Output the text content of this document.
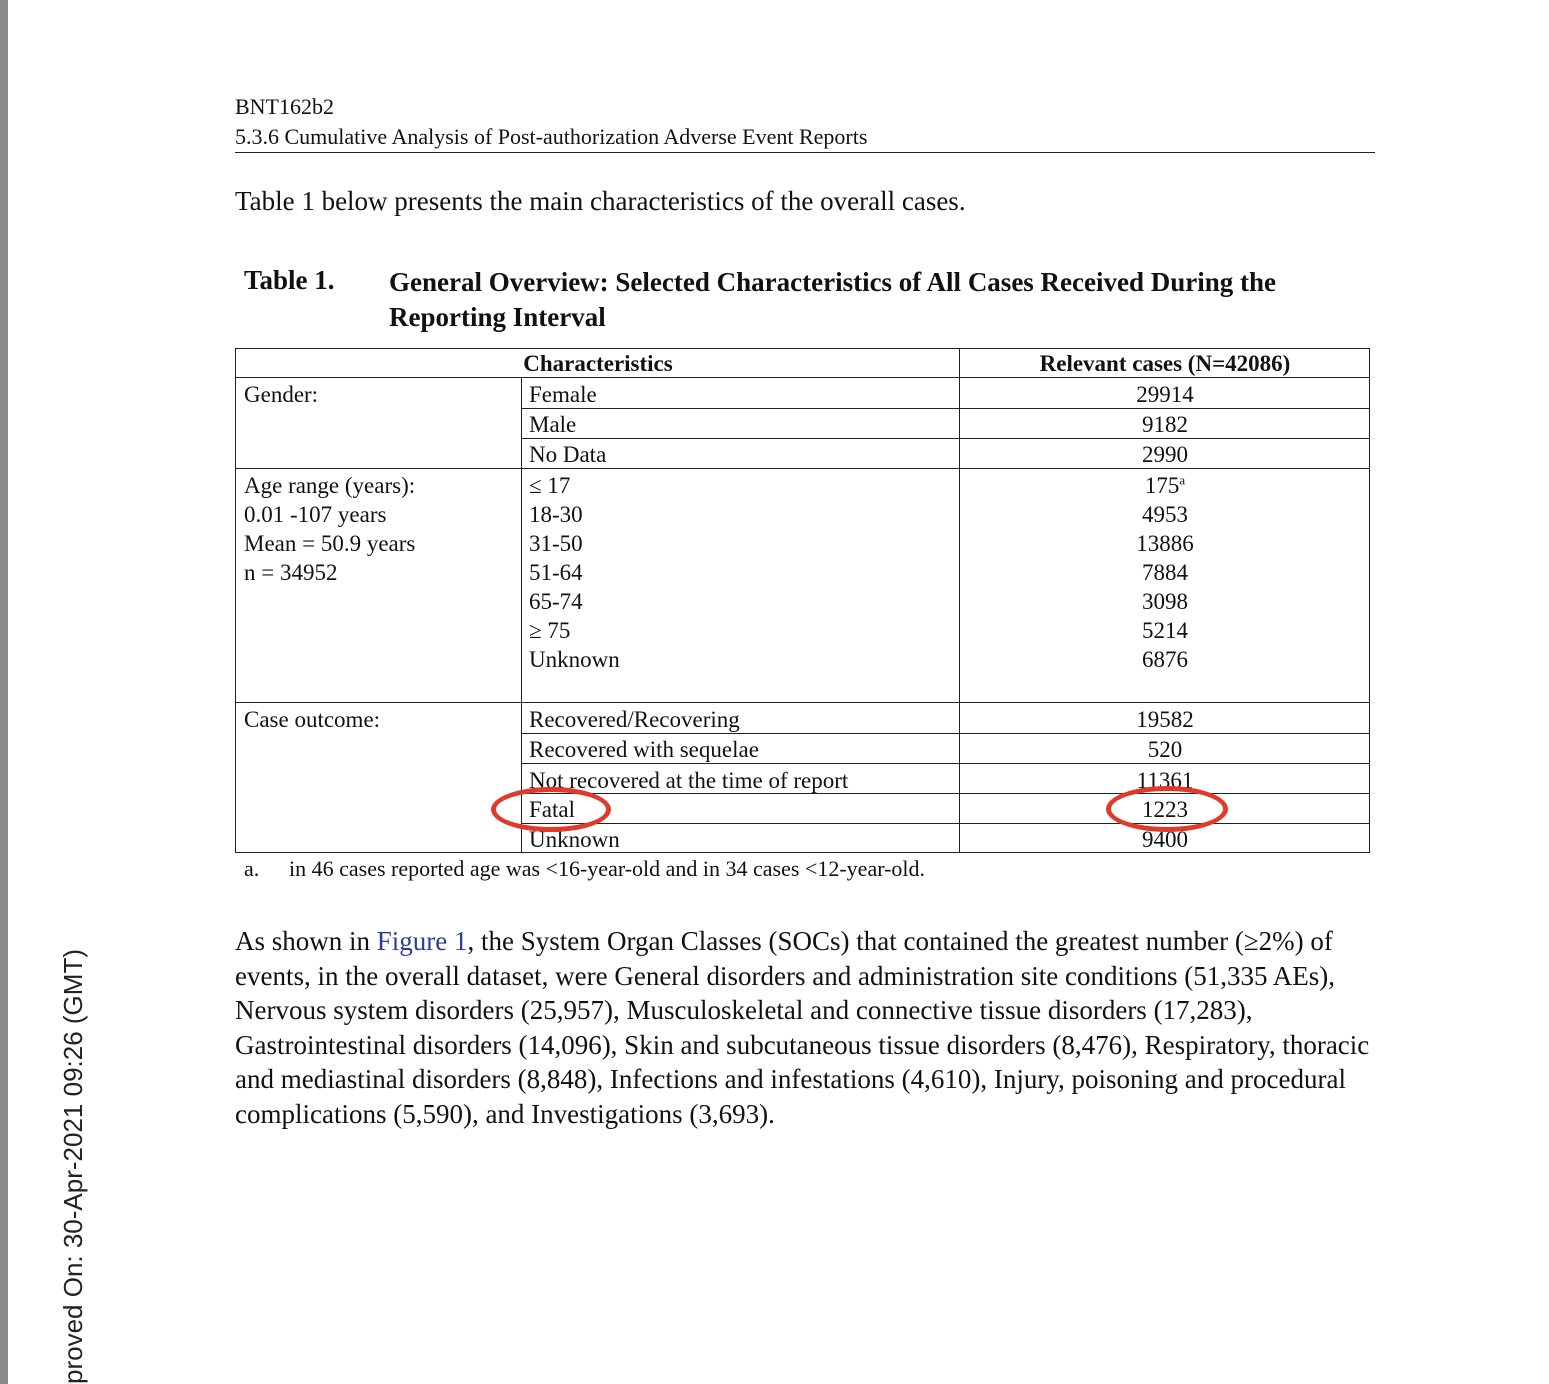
proved On: 30-Apr-2021 09:26 (GMT)
BNT162b2
5.3.6 Cumulative Analysis of Post-authorization Adverse Event Reports
Table 1 below presents the main characteristics of the overall cases.
Table 1. General Overview: Selected Characteristics of All Cases Received During the Reporting Interval
Characteristics	Relevant cases (N=42086)
Gender:	Female	29914
Male	9182
No Data	2990
Age range (years):
0.01 -107 years
Mean = 50.9 years
n = 34952
≤ 17	175$^a$
18-30	4953
31-50	13886
51-64	7884
65-74	3098
≥ 75	5214
Unknown	6876
Case outcome:	Recovered/Recovering	19582
Recovered with sequelae	520
Not recovered at the time of report	11361
Fatal	1223
Unknown	9400
a. in 46 cases reported age was <16-year-old and in 34 cases <12-year-old.
As shown in Figure 1, the System Organ Classes (SOCs) that contained the greatest number (≥2%) of events, in the overall dataset, were General disorders and administration site conditions (51,335 AEs), Nervous system disorders (25,957), Musculoskeletal and connective tissue disorders (17,283), Gastrointestinal disorders (14,096), Skin and subcutaneous tissue disorders (8,476), Respiratory, thoracic and mediastinal disorders (8,848), Infections and infestations (4,610), Injury, poisoning and procedural complications (5,590), and Investigations (3,693).
